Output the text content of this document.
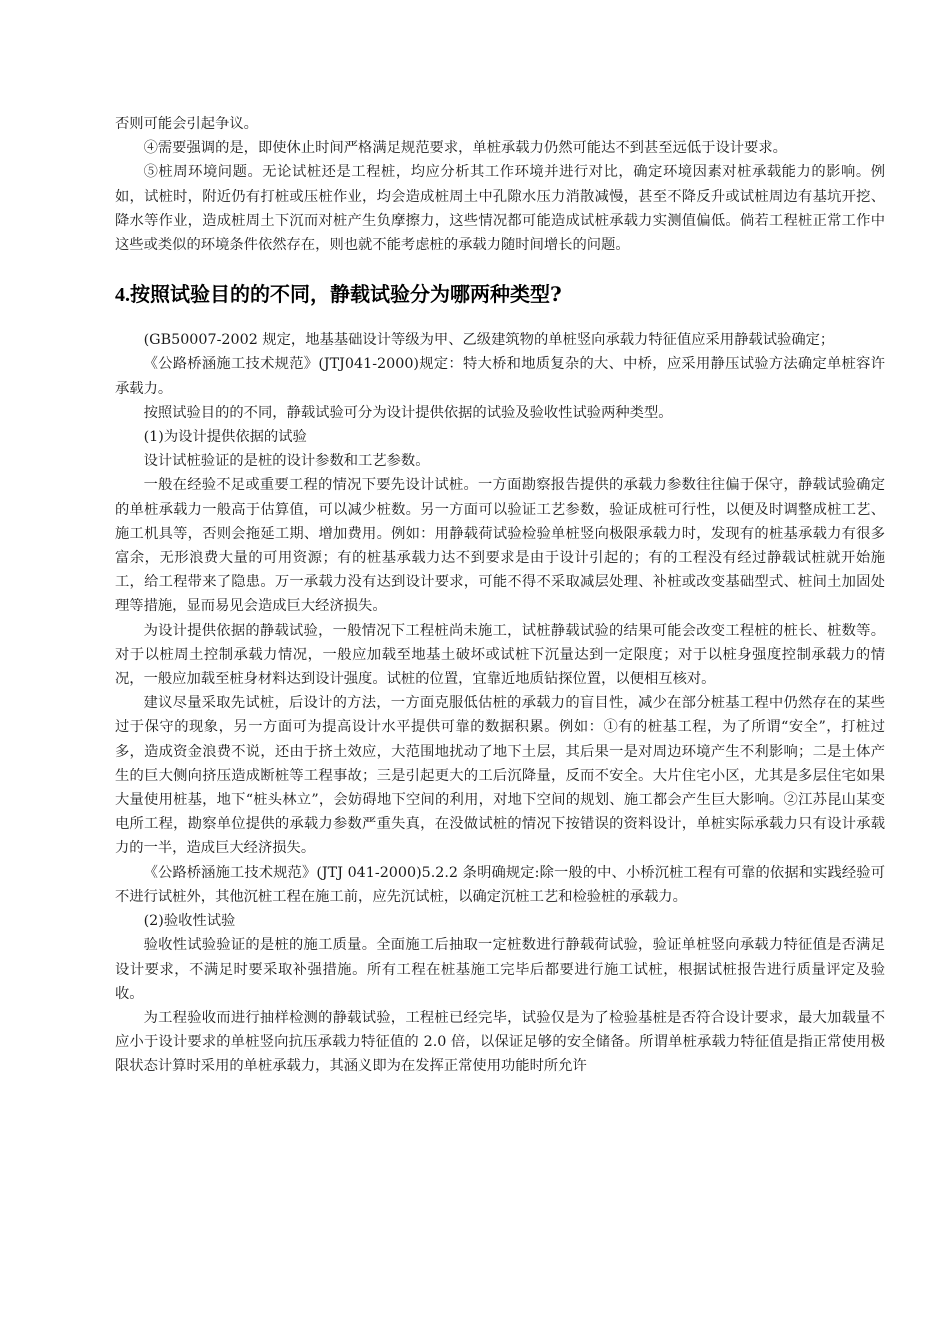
否则可能会引起争议。

④需要强调的是，即使休止时间严格满足规范要求，单桩承载力仍然可能达不到甚至远低于设计要求。

⑤桩周环境问题。无论试桩还是工程桩，均应分析其工作环境并进行对比，确定环境因素对桩承载能力的影响。例如，试桩时，附近仍有打桩或压桩作业，均会造成桩周土中孔隙水压力消散减慢，甚至不降反升或试桩周边有基坑开挖、降水等作业，造成桩周土下沉而对桩产生负摩擦力，这些情况都可能造成试桩承载力实测值偏低。倘若工程桩正常工作中这些或类似的环境条件依然存在，则也就不能考虑桩的承载力随时间增长的问题。

4.按照试验目的的不同，静载试验分为哪两种类型?

(GB50007-2002 规定，地基基础设计等级为甲、乙级建筑物的单桩竖向承载力特征值应采用静载试验确定；

《公路桥涵施工技术规范》(JTJ041-2000)规定：特大桥和地质复杂的大、中桥，应采用静压试验方法确定单桩容许承载力。

按照试验目的的不同，静载试验可分为设计提供依据的试验及验收性试验两种类型。

(1)为设计提供依据的试验

设计试桩验证的是桩的设计参数和工艺参数。

一般在经验不足或重要工程的情况下要先设计试桩。一方面勘察报告提供的承载力参数往往偏于保守，静载试验确定的单桩承载力一般高于估算值，可以减少桩数。另一方面可以验证工艺参数，验证成桩可行性，以便及时调整成桩工艺、施工机具等，否则会拖延工期、增加费用。例如：用静载荷试验检验单桩竖向极限承载力时，发现有的桩基承载力有很多富余，无形浪费大量的可用资源；有的桩基承载力达不到要求是由于设计引起的；有的工程没有经过静载试桩就开始施工，给工程带来了隐患。万一承载力没有达到设计要求，可能不得不采取减层处理、补桩或改变基础型式、桩间土加固处理等措施，显而易见会造成巨大经济损失。

为设计提供依据的静载试验，一般情况下工程桩尚未施工，试桩静载试验的结果可能会改变工程桩的桩长、桩数等。对于以桩周土控制承载力情况，一般应加载至地基土破坏或试桩下沉量达到一定限度；对于以桩身强度控制承载力的情况，一般应加载至桩身材料达到设计强度。试桩的位置，宜靠近地质钻探位置，以便相互核对。

建议尽量采取先试桩，后设计的方法，一方面克服低估桩的承载力的盲目性，减少在部分桩基工程中仍然存在的某些过于保守的现象，另一方面可为提高设计水平提供可靠的数据积累。例如：①有的桩基工程，为了所谓“安全”，打桩过多，造成资金浪费不说，还由于挤土效应，大范围地扰动了地下土层，其后果一是对周边环境产生不利影响；二是土体产生的巨大侧向挤压造成断桩等工程事故；三是引起更大的工后沉降量，反而不安全。大片住宅小区，尤其是多层住宅如果大量使用桩基，地下“桩头林立”，会妨碍地下空间的利用，对地下空间的规划、施工都会产生巨大影响。②江苏昆山某变电所工程，勘察单位提供的承载力参数严重失真，在没做试桩的情况下按错误的资料设计，单桩实际承载力只有设计承载力的一半，造成巨大经济损失。

《公路桥涵施工技术规范》(JTJ 041-2000)5.2.2 条明确规定:除一般的中、小桥沉桩工程有可靠的依据和实践经验可不进行试桩外，其他沉桩工程在施工前，应先沉试桩，以确定沉桩工艺和检验桩的承载力。

(2)验收性试验

验收性试验验证的是桩的施工质量。全面施工后抽取一定桩数进行静载荷试验，验证单桩竖向承载力特征值是否满足设计要求，不满足时要采取补强措施。所有工程在桩基施工完毕后都要进行施工试桩，根据试桩报告进行质量评定及验收。

为工程验收而进行抽样检测的静载试验，工程桩已经完毕，试验仅是为了检验基桩是否符合设计要求，最大加载量不应小于设计要求的单桩竖向抗压承载力特征值的 2.0 倍，以保证足够的安全储备。所谓单桩承载力特征值是指正常使用极限状态计算时采用的单桩承载力，其涵义即为在发挥正常使用功能时所允许
